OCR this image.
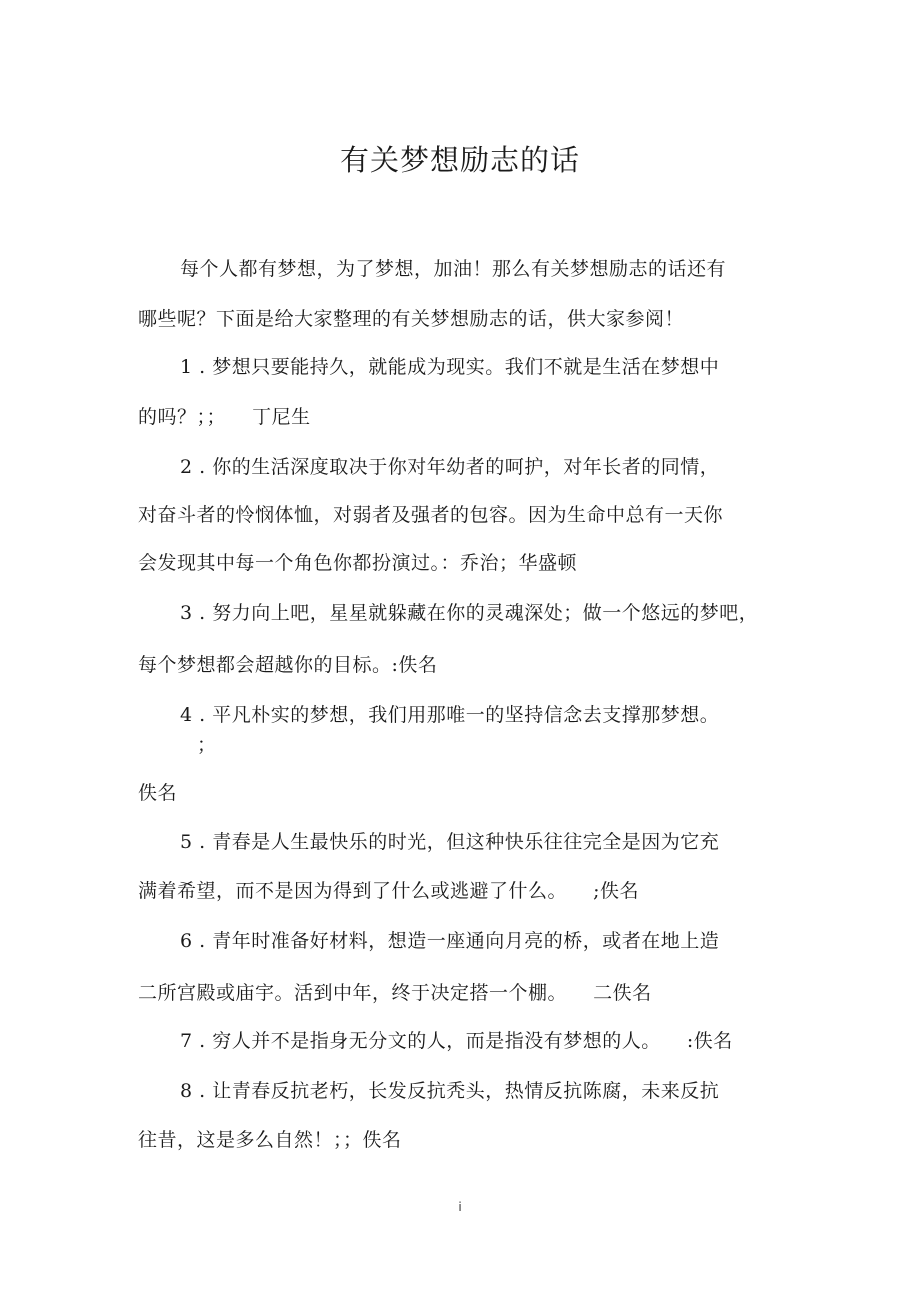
有关梦想励志的话
每个人都有梦想，为了梦想，加油！那么有关梦想励志的话还有
哪些呢？下面是给大家整理的有关梦想励志的话，供大家参阅！
1 . 梦想只要能持久，就能成为现实。我们不就是生活在梦想中
的吗？；；    丁尼生
2 . 你的生活深度取决于你对年幼者的呵护，对年长者的同情，
对奋斗者的怜悯体恤，对弱者及强者的包容。因为生命中总有一天你
会发现其中每一个角色你都扮演过。：乔治；华盛顿
3 . 努力向上吧，星星就躲藏在你的灵魂深处；做一个悠远的梦吧，
每个梦想都会超越你的目标。:佚名
4 . 平凡朴实的梦想，我们用那唯一的坚持信念去支撑那梦想。
；
佚名
5 . 青春是人生最快乐的时光，但这种快乐往往完全是因为它充
满着希望，而不是因为得到了什么或逃避了什么。    ;佚名
6 . 青年时准备好材料，想造一座通向月亮的桥，或者在地上造
二所宫殿或庙宇。活到中年，终于决定搭一个棚。    二佚名
7 . 穷人并不是指身无分文的人，而是指没有梦想的人。    :佚名
8 . 让青春反抗老朽，长发反抗秃头，热情反抗陈腐，未来反抗
往昔，这是多么自然！；；佚名
i
